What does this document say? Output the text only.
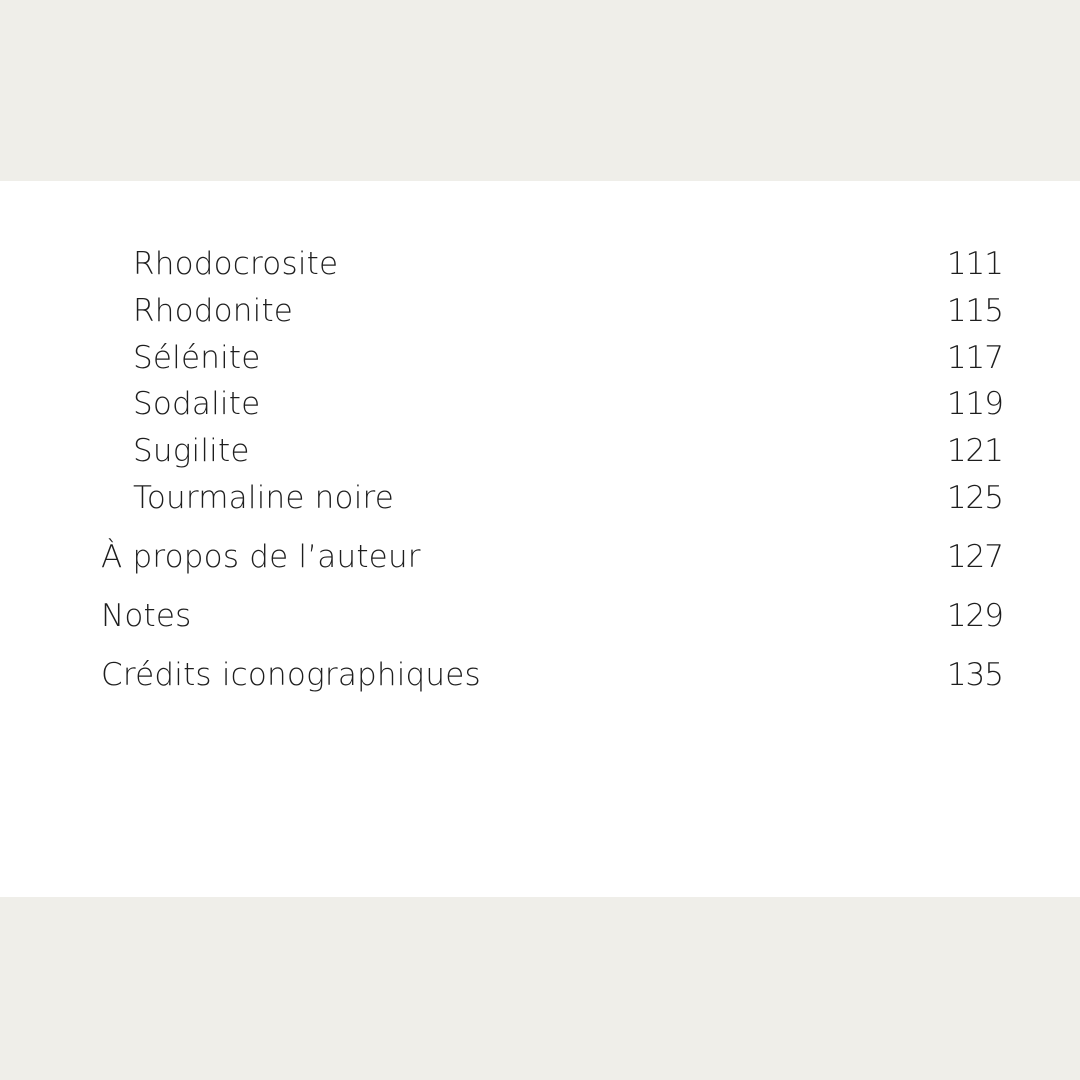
Rhodocrosite	111
Rhodonite	115
Sélénite	117
Sodalite	119
Sugilite	121
Tourmaline noire	125
À propos de l’auteur	127
Notes	129
Crédits iconographiques	135
